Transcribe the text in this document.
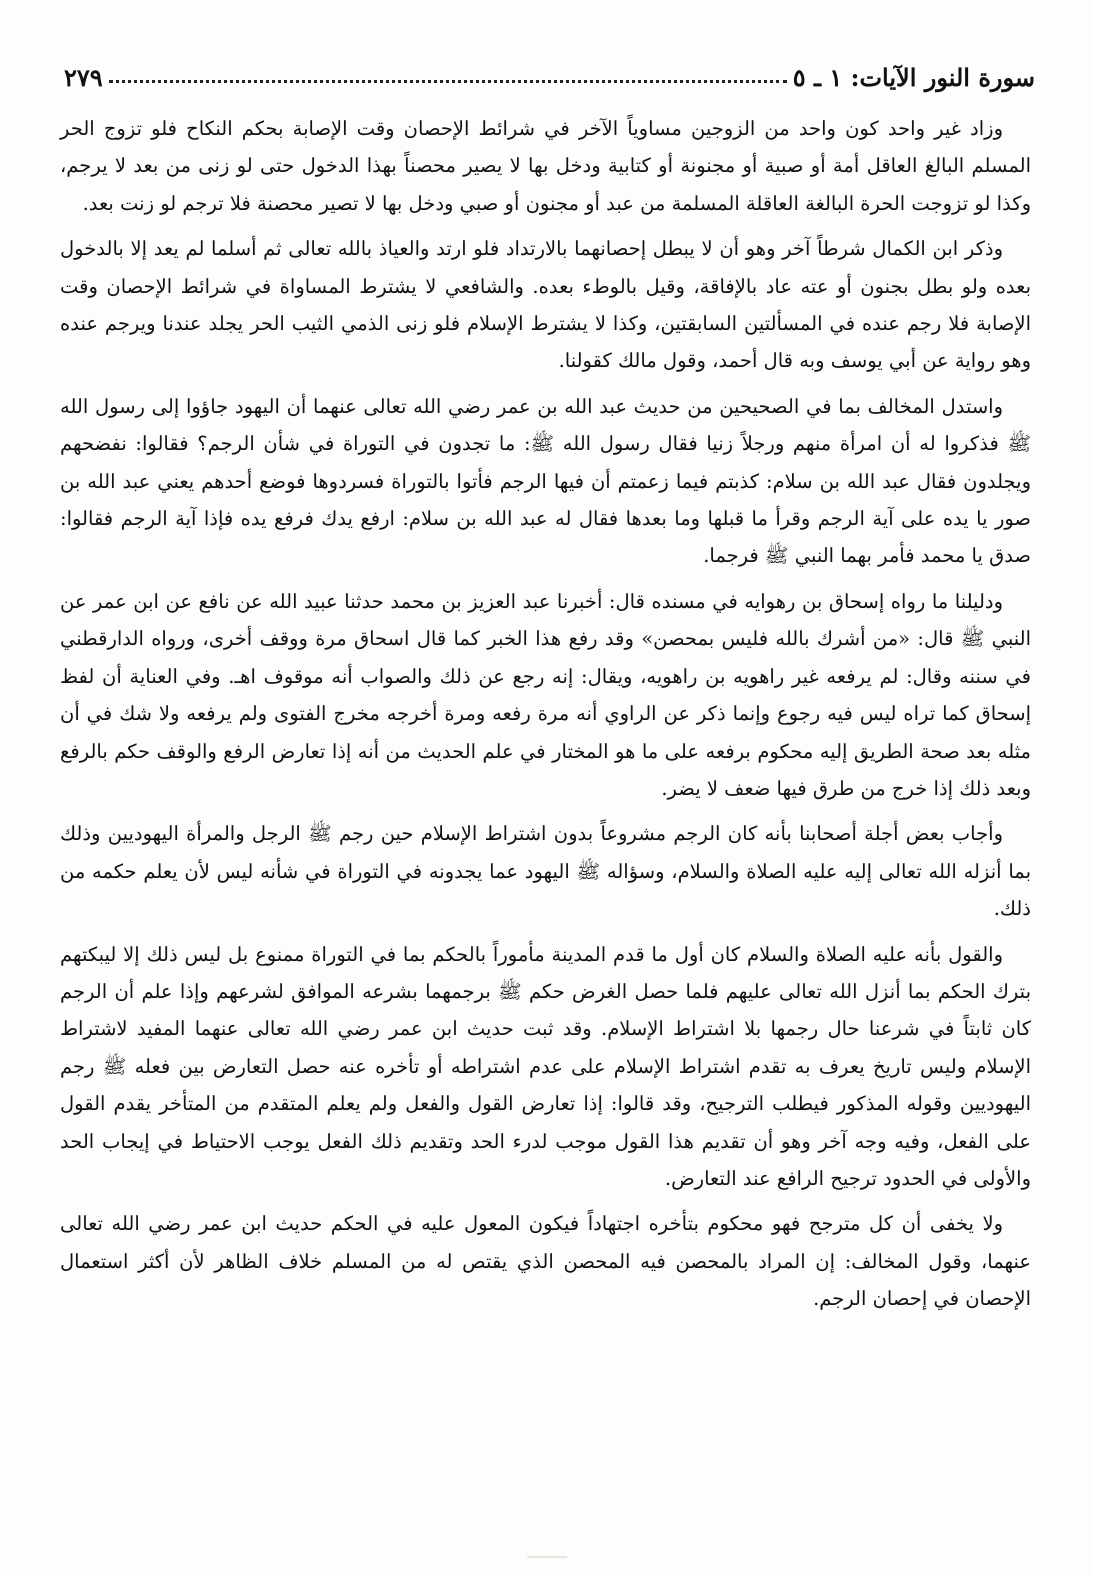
سورة النور الآيات: ١ ـ ٥
٢٧٩

وزاد غير واحد كون واحد من الزوجين مساوياً الآخر في شرائط الإحصان وقت الإصابة بحكم النكاح فلو تزوج الحر المسلم البالغ العاقل أمة أو صبية أو مجنونة أو كتابية ودخل بها لا يصير محصناً بهذا الدخول حتى لو زنى من بعد لا يرجم، وكذا لو تزوجت الحرة البالغة العاقلة المسلمة من عبد أو مجنون أو صبي ودخل بها لا تصير محصنة فلا ترجم لو زنت بعد.

وذكر ابن الكمال شرطاً آخر وهو أن لا يبطل إحصانهما بالارتداد فلو ارتد والعياذ بالله تعالى ثم أسلما لم يعد إلا بالدخول بعده ولو بطل بجنون أو عته عاد بالإفاقة، وقيل بالوطء بعده. والشافعي لا يشترط المساواة في شرائط الإحصان وقت الإصابة فلا رجم عنده في المسألتين السابقتين، وكذا لا يشترط الإسلام فلو زنى الذمي الثيب الحر يجلد عندنا ويرجم عنده وهو رواية عن أبي يوسف وبه قال أحمد، وقول مالك كقولنا.

واستدل المخالف بما في الصحيحين من حديث عبد الله بن عمر رضي الله تعالى عنهما أن اليهود جاؤوا إلى رسول الله ﷺ فذكروا له أن امرأة منهم ورجلاً زنيا فقال رسول الله ﷺ: ما تجدون في التوراة في شأن الرجم؟ فقالوا: نفضحهم ويجلدون فقال عبد الله بن سلام: كذبتم فيما زعمتم أن فيها الرجم فأتوا بالتوراة فسردوها فوضع أحدهم يعني عبد الله بن صور يا يده على آية الرجم وقرأ ما قبلها وما بعدها فقال له عبد الله بن سلام: ارفع يدك فرفع يده فإذا آية الرجم فقالوا: صدق يا محمد فأمر بهما النبي ﷺ فرجما.

ودليلنا ما رواه إسحاق بن رهوايه في مسنده قال: أخبرنا عبد العزيز بن محمد حدثنا عبيد الله عن نافع عن ابن عمر عن النبي ﷺ قال: «من أشرك بالله فليس بمحصن» وقد رفع هذا الخبر كما قال اسحاق مرة ووقف أخرى، ورواه الدارقطني في سننه وقال: لم يرفعه غير راهويه بن راهويه، ويقال: إنه رجع عن ذلك والصواب أنه موقوف اهـ. وفي العناية أن لفظ إسحاق كما تراه ليس فيه رجوع وإنما ذكر عن الراوي أنه مرة رفعه ومرة أخرجه مخرج الفتوى ولم يرفعه ولا شك في أن مثله بعد صحة الطريق إليه محكوم برفعه على ما هو المختار في علم الحديث من أنه إذا تعارض الرفع والوقف حكم بالرفع وبعد ذلك إذا خرج من طرق فيها ضعف لا يضر.

وأجاب بعض أجلة أصحابنا بأنه كان الرجم مشروعاً بدون اشتراط الإسلام حين رجم ﷺ الرجل والمرأة اليهوديين وذلك بما أنزله الله تعالى إليه عليه الصلاة والسلام، وسؤاله ﷺ اليهود عما يجدونه في التوراة في شأنه ليس لأن يعلم حكمه من ذلك.

والقول بأنه عليه الصلاة والسلام كان أول ما قدم المدينة مأموراً بالحكم بما في التوراة ممنوع بل ليس ذلك إلا ليبكتهم بترك الحكم بما أنزل الله تعالى عليهم فلما حصل الغرض حكم ﷺ برجمهما بشرعه الموافق لشرعهم وإذا علم أن الرجم كان ثابتاً في شرعنا حال رجمها بلا اشتراط الإسلام. وقد ثبت حديث ابن عمر رضي الله تعالى عنهما المفيد لاشتراط الإسلام وليس تاريخ يعرف به تقدم اشتراط الإسلام على عدم اشتراطه أو تأخره عنه حصل التعارض بين فعله ﷺ رجم اليهوديين وقوله المذكور فيطلب الترجيح، وقد قالوا: إذا تعارض القول والفعل ولم يعلم المتقدم من المتأخر يقدم القول على الفعل، وفيه وجه آخر وهو أن تقديم هذا القول موجب لدرء الحد وتقديم ذلك الفعل يوجب الاحتياط في إيجاب الحد والأولى في الحدود ترجيح الرافع عند التعارض.

ولا يخفى أن كل مترجح فهو محكوم بتأخره اجتهاداً فيكون المعول عليه في الحكم حديث ابن عمر رضي الله تعالى عنهما، وقول المخالف: إن المراد بالمحصن فيه المحصن الذي يقتص له من المسلم خلاف الظاهر لأن أكثر استعمال الإحصان في إحصان الرجم.
